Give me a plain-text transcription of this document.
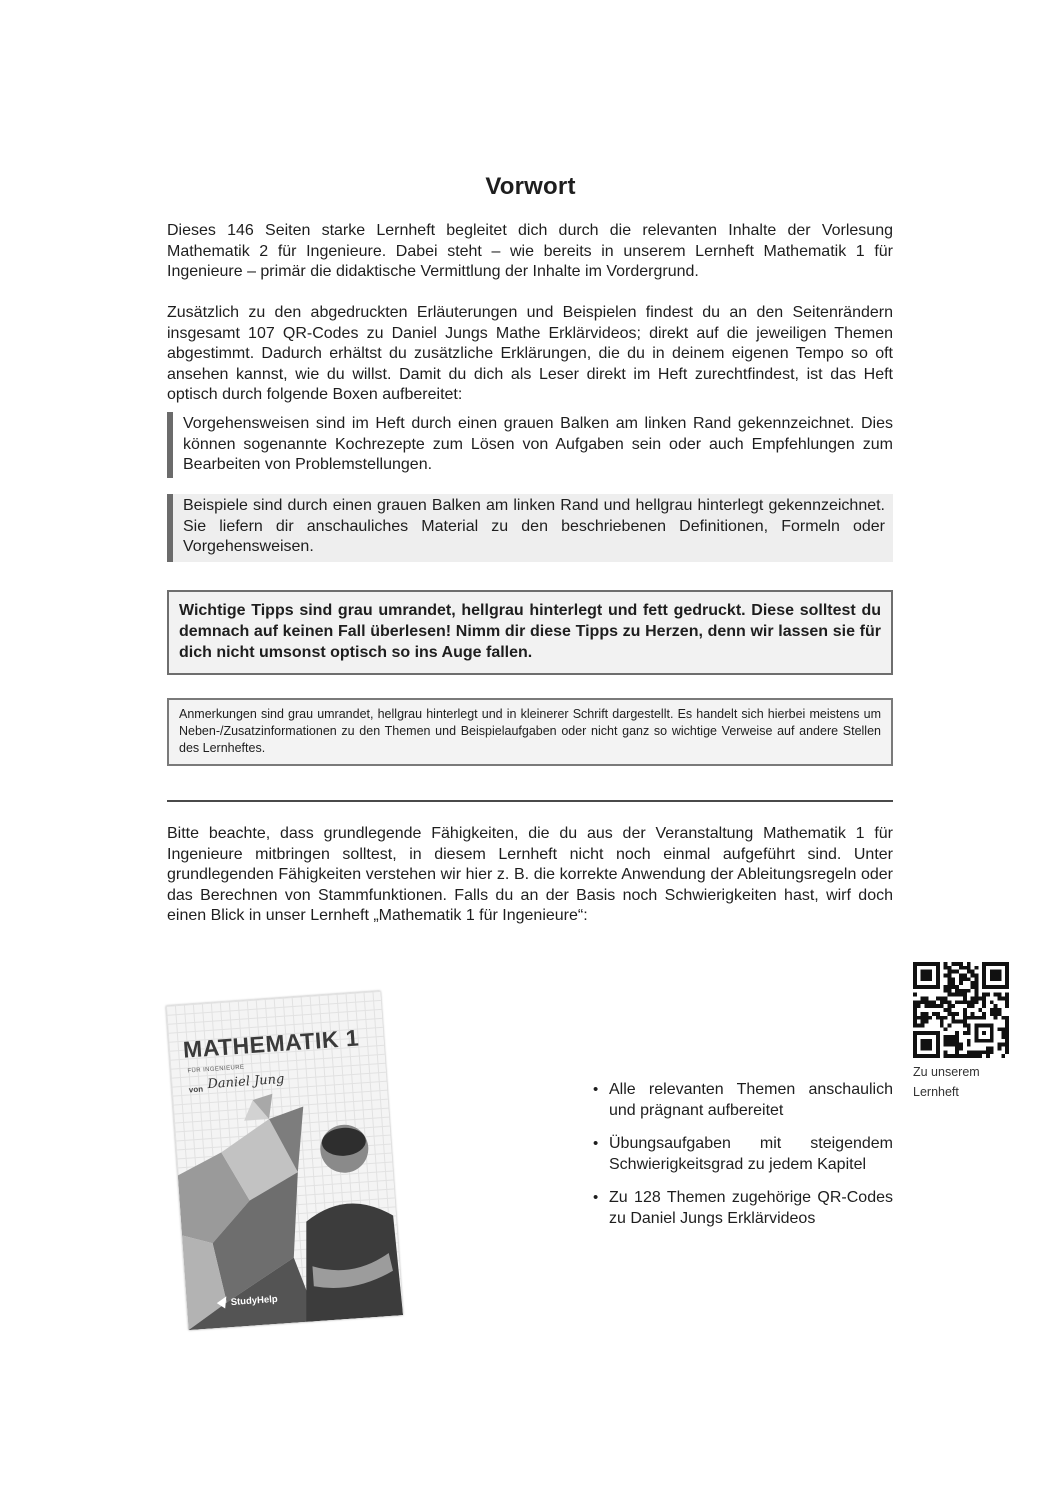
Vorwort

Dieses 146 Seiten starke Lernheft begleitet dich durch die relevanten Inhalte der Vorlesung Mathematik 2 für Ingenieure. Dabei steht – wie bereits in unserem Lernheft Mathematik 1 für Ingenieure – primär die didaktische Vermittlung der Inhalte im Vordergrund.

Zusätzlich zu den abgedruckten Erläuterungen und Beispielen findest du an den Seitenrändern insgesamt 107 QR-Codes zu Daniel Jungs Mathe Erklärvideos; direkt auf die jeweiligen Themen abgestimmt. Dadurch erhältst du zusätzliche Erklärungen, die du in deinem eigenen Tempo so oft ansehen kannst, wie du willst. Damit du dich als Leser direkt im Heft zurechtfindest, ist das Heft optisch durch folgende Boxen aufbereitet:

Vorgehensweisen sind im Heft durch einen grauen Balken am linken Rand gekennzeichnet. Dies können sogenannte Kochrezepte zum Lösen von Aufgaben sein oder auch Empfehlungen zum Bearbeiten von Problemstellungen.
Beispiele sind durch einen grauen Balken am linken Rand und hellgrau hinterlegt gekennzeichnet. Sie liefern dir anschauliches Material zu den beschriebenen Definitionen, Formeln oder Vorgehensweisen.
Wichtige Tipps sind grau umrandet, hellgrau hinterlegt und fett gedruckt. Diese solltest du demnach auf keinen Fall überlesen! Nimm dir diese Tipps zu Herzen, denn wir lassen sie für dich nicht umsonst optisch so ins Auge fallen.
Anmerkungen sind grau umrandet, hellgrau hinterlegt und in kleinerer Schrift dargestellt. Es handelt sich hierbei meistens um Neben-/Zusatzinformationen zu den Themen und Beispielaufgaben oder nicht ganz so wichtige Verweise auf andere Stellen des Lernheftes.

Bitte beachte, dass grundlegende Fähigkeiten, die du aus der Veranstaltung Mathematik 1 für Ingenieure mitbringen solltest, in diesem Lernheft nicht noch einmal aufgeführt sind. Unter grundlegenden Fähigkeiten verstehen wir hier z. B. die korrekte Anwendung der Ableitungsregeln oder das Berechnen von Stammfunktionen. Falls du an der Basis noch Schwierigkeiten hast, wirf doch einen Blick in unser Lernheft „Mathematik 1 für Ingenieure“:

MATHEMATIK 1
FÜR INGENIEURE
von Daniel Jung
StudyHelp
Zu unserem
Lernheft
• Alle relevanten Themen anschaulich und prägnant aufbereitet
• Übungsaufgaben mit steigendem Schwierigkeitsgrad zu jedem Kapitel
• Zu 128 Themen zugehörige QR-Codes zu Daniel Jungs Erklärvideos
